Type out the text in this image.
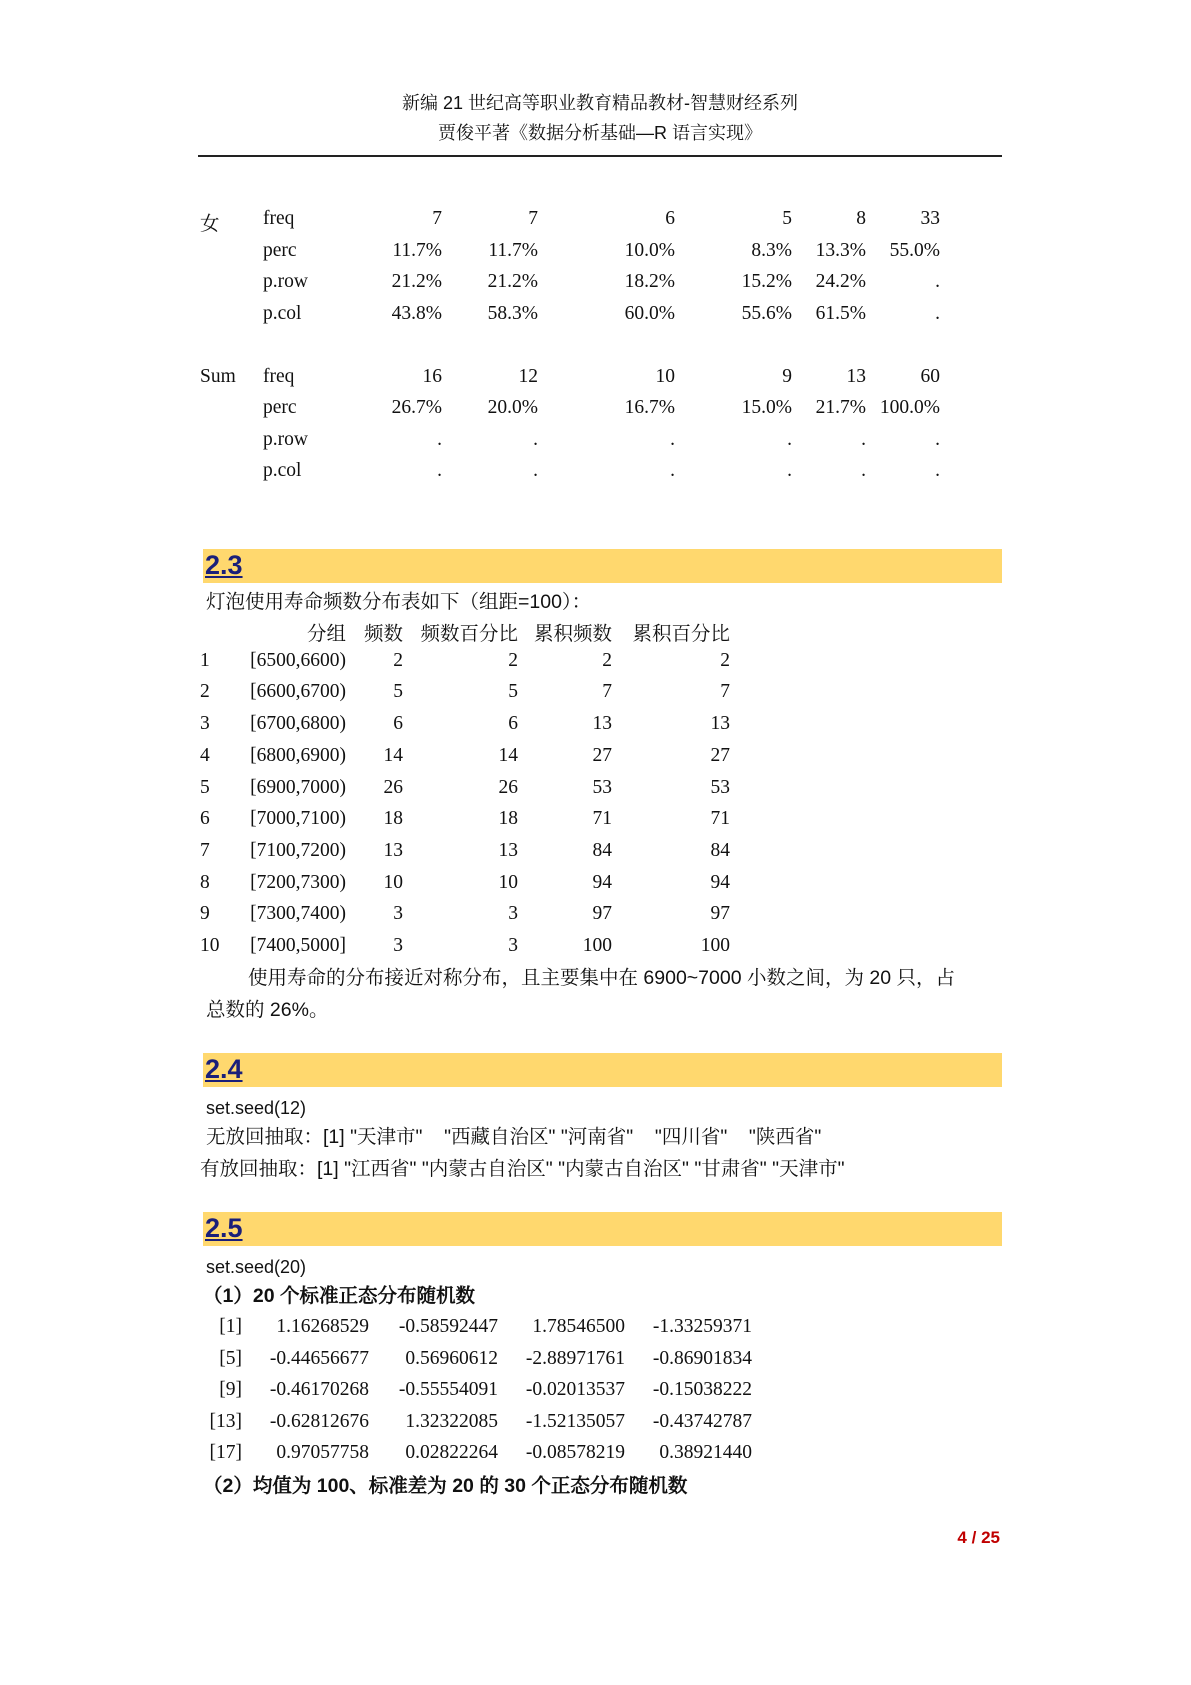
新编 21 世纪高等职业教育精品教材-智慧财经系列
贾俊平著《数据分析基础—R 语言实现》
女	freq	7	7	6	5	8	33
perc	11.7%	11.7%	10.0%	8.3%	13.3%	55.0%
p.row	21.2%	21.2%	18.2%	15.2%	24.2%	.
p.col	43.8%	58.3%	60.0%	55.6%	61.5%	.
Sum	freq	16	12	10	9	13	60
perc	26.7%	20.0%	16.7%	15.0%	21.7% 100.0%
p.row	.	.	.	.	.	.
p.col	.	.	.	.	.	.
2.3
灯泡使用寿命频数分布表如下（组距=100）：
分组 频数 频数百分比 累积频数	累积百分比
1	[6500,6600)	2	2	2	2
2	[6600,6700)	5	5	7	7
3	[6700,6800)	6	6	13	13
4	[6800,6900)	14	14	27	27
5	[6900,7000)	26	26	53	53
6	[7000,7100)	18	18	71	71
7	[7100,7200)	13	13	84	84
8	[7200,7300)	10	10	94	94
9	[7300,7400)	3	3	97	97
10	[7400,5000]	3	3	100	100
使用寿命的分布接近对称分布，且主要集中在 6900~7000 小数之间，为 20 只，占
总数的 26%。
2.4
set.seed(12)
无放回抽取：[1] "天津市"    "西藏自治区" "河南省"    "四川省"    "陕西省"
有放回抽取：[1] "江西省" "内蒙古自治区" "内蒙古自治区" "甘肃省" "天津市"
2.5
set.seed(20)
（1）20 个标准正态分布随机数
[1]	1.16268529	-0.58592447	1.78546500	-1.33259371
[5]	-0.44656677	0.56960612	-2.88971761	-0.86901834
[9]	-0.46170268	-0.55554091	-0.02013537	-0.15038222
[13]	-0.62812676	1.32322085	-1.52135057	-0.43742787
[17]	0.97057758	0.02822264	-0.08578219	0.38921440
（2）均值为 100、标准差为 20 的 30 个正态分布随机数
4 / 25
